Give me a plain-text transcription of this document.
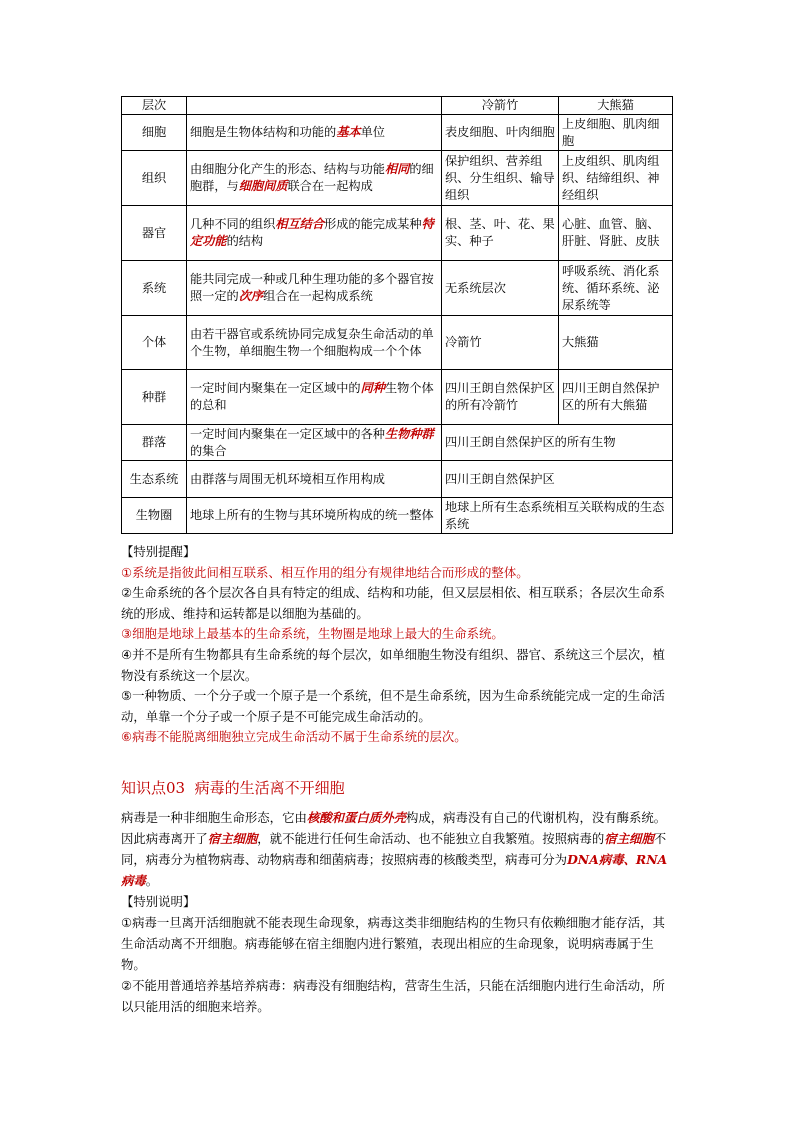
层次		冷箭竹	大熊猫
细胞	细胞是生物体结构和功能的基本单位	表皮细胞、叶肉细胞	上皮细胞、肌肉细胞
组织	由细胞分化产生的形态、结构与功能相同的细胞群，与细胞间质联合在一起构成	保护组织、营养组织、分生组织、输导组织	上皮组织、肌肉组织、结缔组织、神经组织
器官	几种不同的组织相互结合形成的能完成某种特定功能的结构	根、茎、叶、花、果实、种子	心脏、血管、脑、肝脏、肾脏、皮肤
系统	能共同完成一种或几种生理功能的多个器官按照一定的次序组合在一起构成系统	无系统层次	呼吸系统、消化系统、循环系统、泌尿系统等
个体	由若干器官或系统协同完成复杂生命活动的单个生物，单细胞生物一个细胞构成一个个体	冷箭竹	大熊猫
种群	一定时间内聚集在一定区域中的同种生物个体的总和	四川王朗自然保护区的所有冷箭竹	四川王朗自然保护区的所有大熊猫
群落	一定时间内聚集在一定区域中的各种生物种群的集合	四川王朗自然保护区的所有生物	
生态系统	由群落与周围无机环境相互作用构成	四川王朗自然保护区	
生物圈	地球上所有的生物与其环境所构成的统一整体	地球上所有生态系统相互关联构成的生态系统	

【特别提醒】

①系统是指彼此间相互联系、相互作用的组分有规律地结合而形成的整体。

②生命系统的各个层次各自具有特定的组成、结构和功能，但又层层相依、相互联系；各层次生命系统的形成、维持和运转都是以细胞为基础的。

③细胞是地球上最基本的生命系统，生物圈是地球上最大的生命系统。

④并不是所有生物都具有生命系统的每个层次，如单细胞生物没有组织、器官、系统这三个层次，植物没有系统这一个层次。

⑤一种物质、一个分子或一个原子是一个系统，但不是生命系统，因为生命系统能完成一定的生命活动，单靠一个分子或一个原子是不可能完成生命活动的。

⑥病毒不能脱离细胞独立完成生命活动不属于生命系统的层次。

知识点03 病毒的生活离不开细胞

病毒是一种非细胞生命形态，它由核酸和蛋白质外壳构成，病毒没有自己的代谢机构，没有酶系统。因此病毒离开了宿主细胞，就不能进行任何生命活动、也不能独立自我繁殖。按照病毒的宿主细胞不同，病毒分为植物病毒、动物病毒和细菌病毒；按照病毒的核酸类型，病毒可分为DNA病毒、RNA病毒。

【特别说明】

①病毒一旦离开活细胞就不能表现生命现象，病毒这类非细胞结构的生物只有依赖细胞才能存活，其生命活动离不开细胞。病毒能够在宿主细胞内进行繁殖，表现出相应的生命现象，说明病毒属于生物。

②不能用普通培养基培养病毒：病毒没有细胞结构，营寄生生活，只能在活细胞内进行生命活动，所以只能用活的细胞来培养。
